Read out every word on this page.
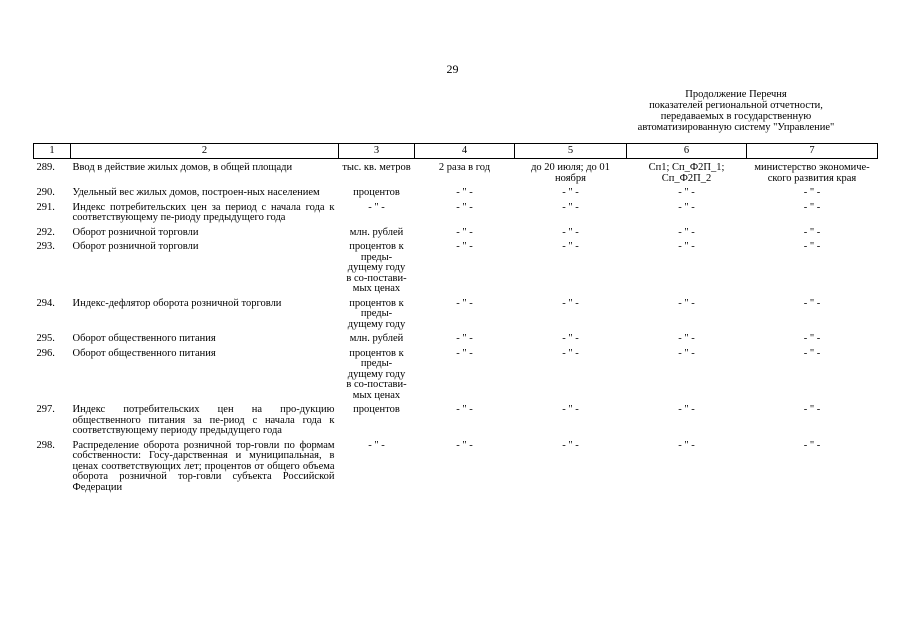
29
Продолжение Перечня
показателей региональной отчетности,
передаваемых в государственную
автоматизированную систему "Управление"
1	2	3	4	5	6	7
289.	Ввод в действие жилых домов, в общей площади	тыс. кв. метров	2 раза в год	до 20 июля; до 01 ноября	Сп1; Сп_Ф2П_1; Сп_Ф2П_2	министерство экономиче-ского развития края
290.	Удельный вес жилых домов, построен-ных населением	процентов	- " -	- " -	- " -	- " -
291.	Индекс потребительских цен за период с начала года к соответствующему пе-риоду предыдущего года	- " -	- " -	- " -	- " -	- " -
292.	Оборот розничной торговли	млн. рублей	- " -	- " -	- " -	- " -
293.	Оборот розничной торговли	процентов к преды-дущему году в со-постави-мых ценах	- " -	- " -	- " -	- " -
294.	Индекс-дефлятор оборота розничной торговли	процентов к преды-дущему году	- " -	- " -	- " -	- " -
295.	Оборот общественного питания	млн. рублей	- " -	- " -	- " -	- " -
296.	Оборот общественного питания	процентов к преды-дущему году в со-постави-мых ценах	- " -	- " -	- " -	- " -
297.	Индекс потребительских цен на про-дукцию общественного питания за пе-риод с начала года к соответствующему периоду предыдущего года	процентов	- " -	- " -	- " -	- " -
298.	Распределение оборота розничной тор-говли по формам собственности: Госу-дарственная и муниципальная, в ценах соответствующих лет; процентов от общего объема оборота розничной тор-говли субъекта Российской Федерации	- " -	- " -	- " -	- " -	- " -
